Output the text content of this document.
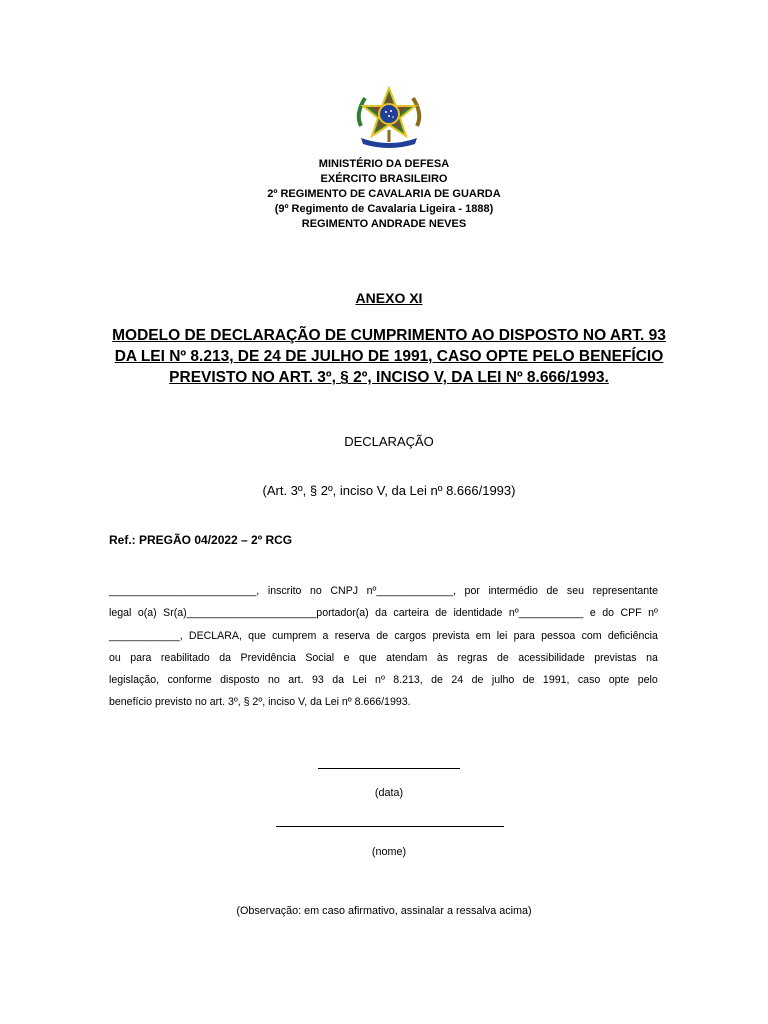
MINISTÉRIO DA DEFESA
EXÉRCITO BRASILEIRO
2º REGIMENTO DE CAVALARIA DE GUARDA
(9º Regimento de Cavalaria Ligeira - 1888)
REGIMENTO ANDRADE NEVES
ANEXO XI
MODELO DE DECLARAÇÃO DE CUMPRIMENTO AO DISPOSTO NO ART. 93
DA LEI Nº 8.213, DE 24 DE JULHO DE 1991, CASO OPTE PELO BENEFÍCIO
PREVISTO NO ART. 3º, § 2º, INCISO V, DA LEI Nº 8.666/1993.
DECLARAÇÃO
(Art. 3º, § 2º, inciso V, da Lei nº 8.666/1993)
Ref.: PREGÃO 04/2022 – 2º RCG
_________________________, inscrito no CNPJ nº_____________, por intermédio de seu representante
legal o(a) Sr(a)______________________portador(a) da carteira de identidade nº___________ e do CPF nº
____________, DECLARA, que cumprem a reserva de cargos prevista em lei para pessoa com deficiência
ou para reabilitado da Previdência Social e que atendam às regras de acessibilidade previstas na
legislação, conforme disposto no art. 93 da Lei nº 8.213, de 24 de julho de 1991, caso opte pelo
benefício previsto no art. 3º, § 2º, inciso V, da Lei nº 8.666/1993.
(data)
(nome)
(Observação: em caso afirmativo, assinalar a ressalva acima)
